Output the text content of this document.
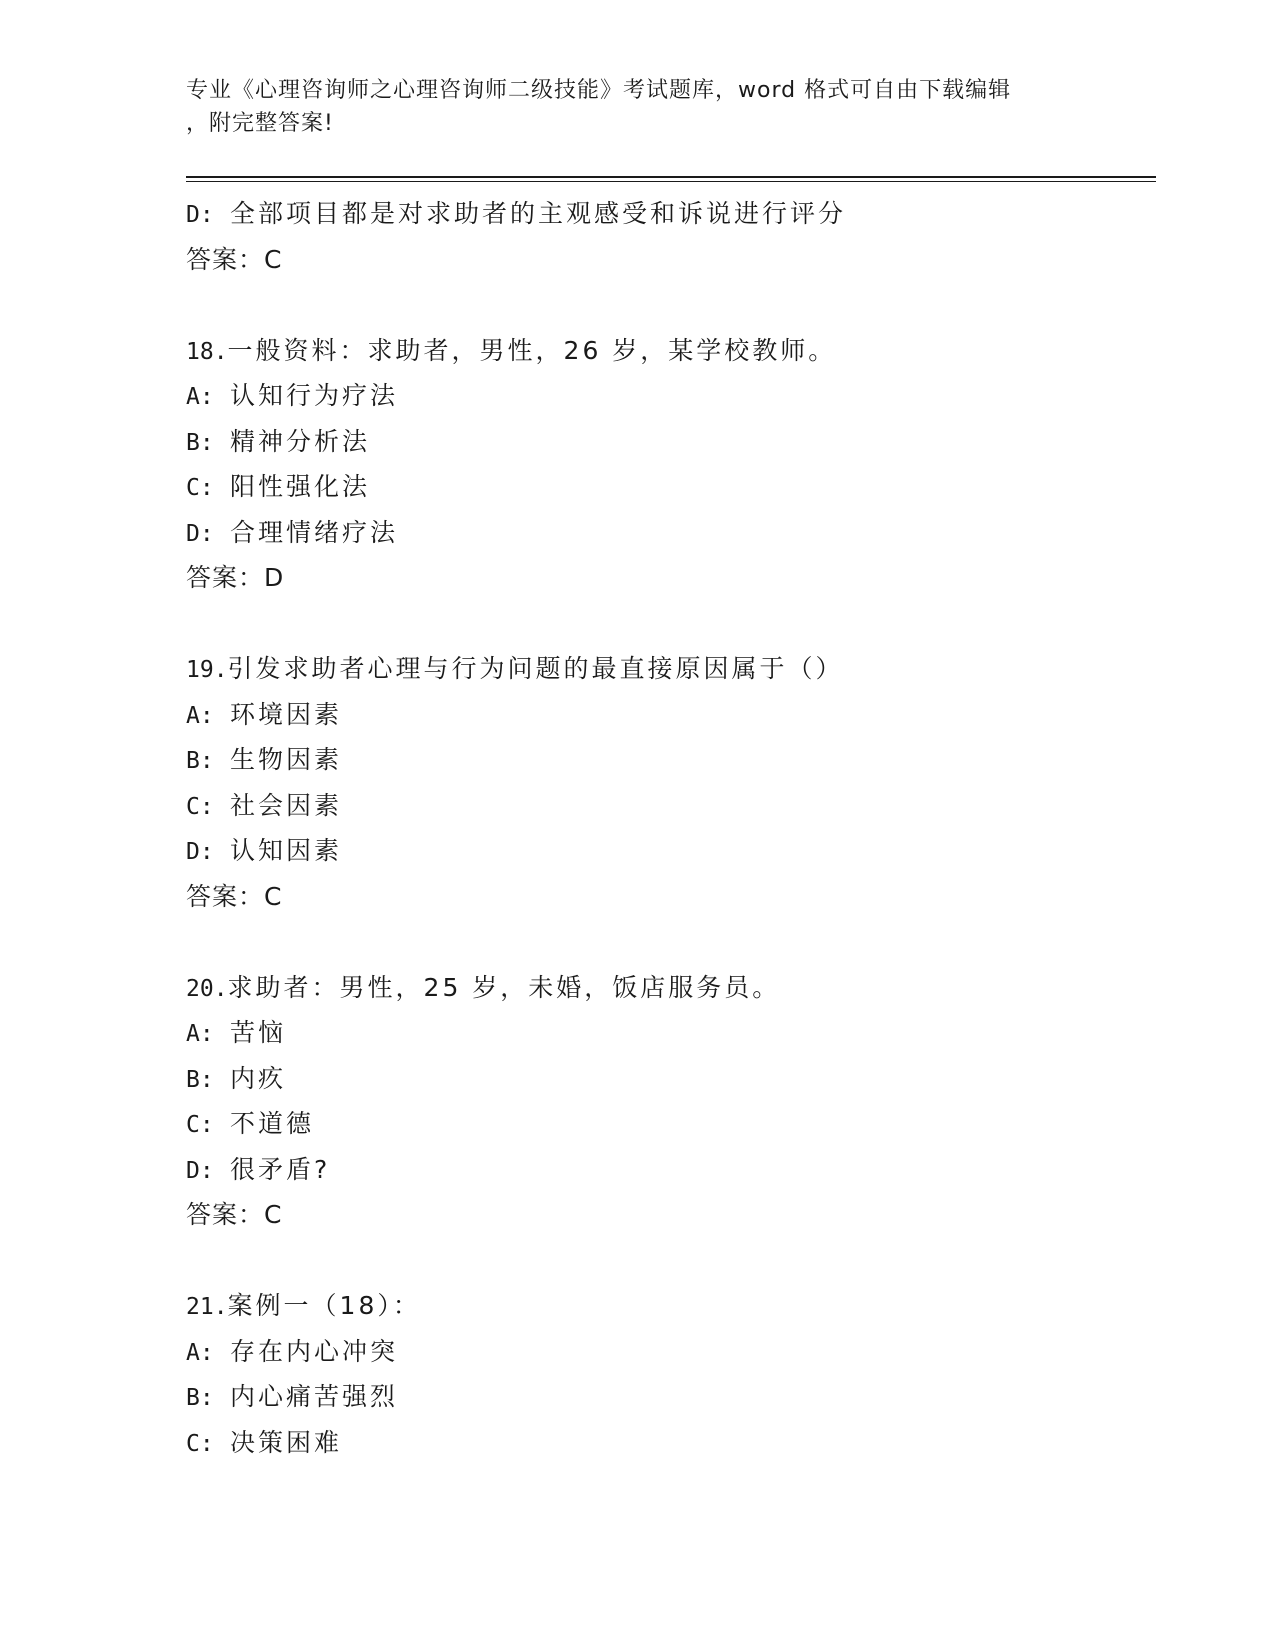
专业《心理咨询师之心理咨询师二级技能》考试题库，word 格式可自由下载编辑
，附完整答案!
D: 全部项目都是对求助者的主观感受和诉说进行评分
答案：C
18.一般资料：求助者，男性，26 岁，某学校教师。
A: 认知行为疗法
B: 精神分析法
C: 阳性强化法
D: 合理情绪疗法
答案：D
19.引发求助者心理与行为问题的最直接原因属于（）
A: 环境因素
B: 生物因素
C: 社会因素
D: 认知因素
答案：C
20.求助者：男性，25 岁，未婚，饭店服务员。
A: 苦恼
B: 内疚
C: 不道德
D: 很矛盾?
答案：C
21.案例一（18）：
A: 存在内心冲突
B: 内心痛苦强烈
C: 决策困难
